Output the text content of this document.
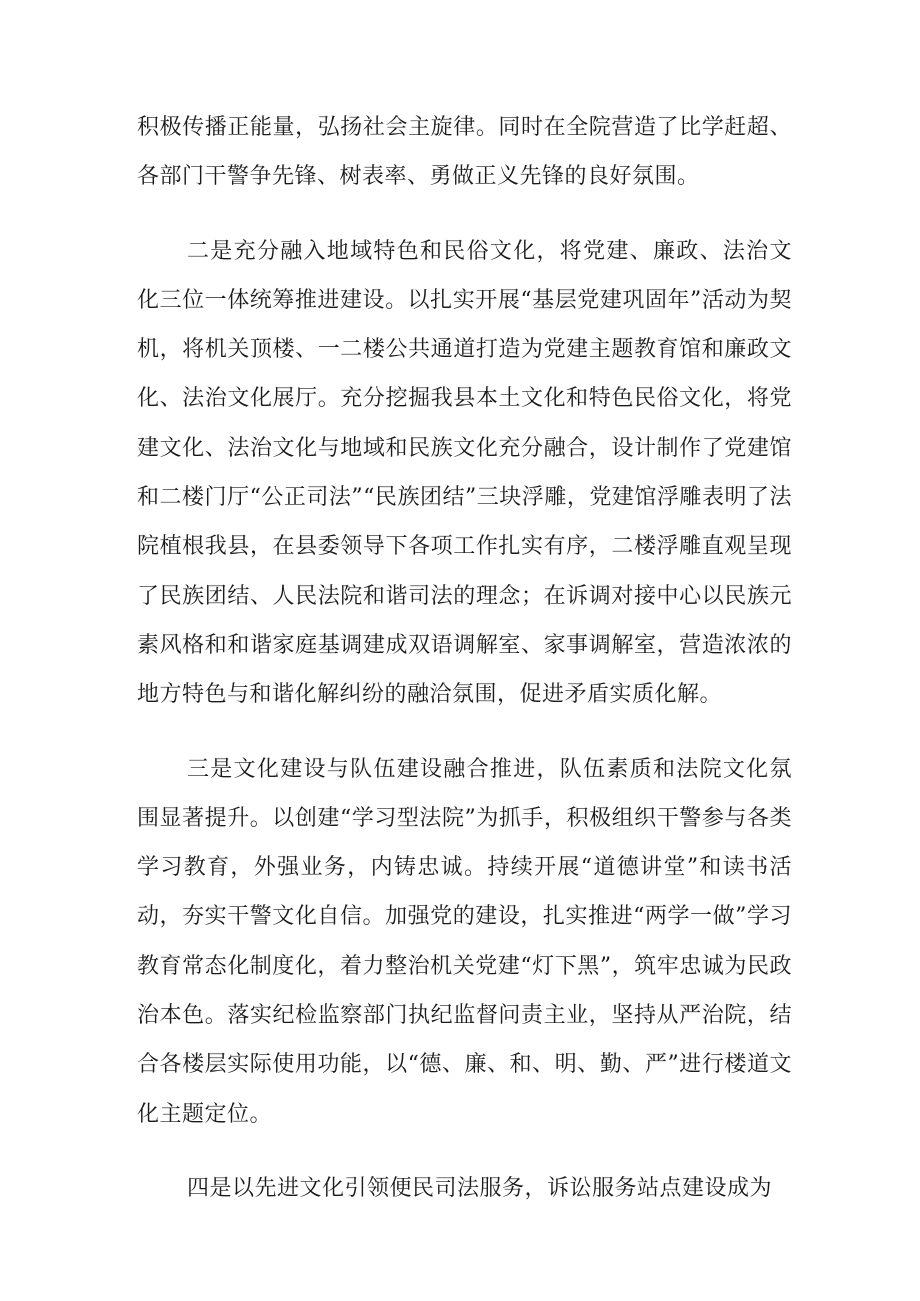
积极传播正能量，弘扬社会主旋律。同时在全院营造了比学赶超、各部门干警争先锋、树表率、勇做正义先锋的良好氛围。

二是充分融入地域特色和民俗文化，将党建、廉政、法治文化三位一体统筹推进建设。以扎实开展“基层党建巩固年”活动为契机，将机关顶楼、一二楼公共通道打造为党建主题教育馆和廉政文化、法治文化展厅。充分挖掘我县本土文化和特色民俗文化，将党建文化、法治文化与地域和民族文化充分融合，设计制作了党建馆和二楼门厅“公正司法”“民族团结”三块浮雕，党建馆浮雕表明了法院植根我县，在县委领导下各项工作扎实有序，二楼浮雕直观呈现了民族团结、人民法院和谐司法的理念；在诉调对接中心以民族元素风格和和谐家庭基调建成双语调解室、家事调解室，营造浓浓的地方特色与和谐化解纠纷的融洽氛围，促进矛盾实质化解。

三是文化建设与队伍建设融合推进，队伍素质和法院文化氛围显著提升。以创建“学习型法院”为抓手，积极组织干警参与各类学习教育，外强业务，内铸忠诚。持续开展“道德讲堂”和读书活动，夯实干警文化自信。加强党的建设，扎实推进“两学一做”学习教育常态化制度化，着力整治机关党建“灯下黑”，筑牢忠诚为民政治本色。落实纪检监察部门执纪监督问责主业，坚持从严治院，结合各楼层实际使用功能，以“德、廉、和、明、勤、严”进行楼道文化主题定位。

四是以先进文化引领便民司法服务，诉讼服务站点建设成为
